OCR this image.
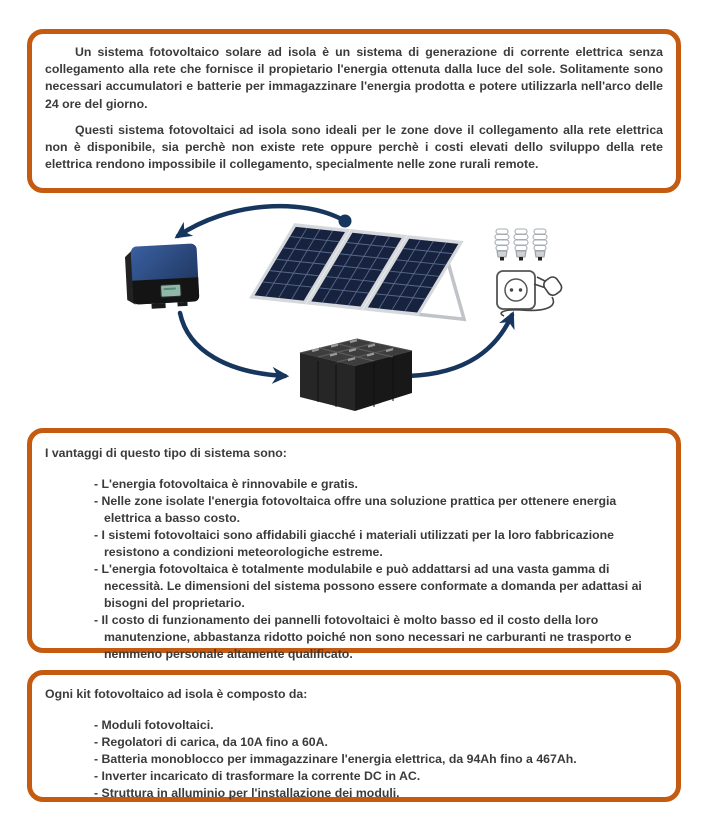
Un sistema fotovoltaico solare ad isola è un sistema di generazione di corrente elettrica senza collegamento alla rete che fornisce il propietario l'energia ottenuta dalla luce del sole. Solitamente sono necessari accumulatori e batterie per immagazzinare l'energia prodotta e potere utilizzarla nell'arco delle 24 ore del giorno.

Questi sistema fotovoltaici ad isola sono ideali per le zone dove il collegamento alla rete elettrica non è disponibile, sia perchè non existe rete oppure perchè i costi elevati dello sviluppo della rete elettrica rendono impossibile il collegamento, specialmente nelle zone rurali remote.

I vantaggi di questo tipo di sistema sono:

- L'energia fotovoltaica è rinnovabile e gratis.
- Nelle zone isolate l'energia fotovoltaica offre una soluzione prattica per ottenere energia elettrica a basso costo.
- I sistemi fotovoltaici sono affidabili giacché i materiali utilizzati per la loro fabbricazione resistono a condizioni meteorologiche estreme.
- L'energia fotovoltaica è totalmente modulabile e può addattarsi ad una vasta gamma di necessità. Le dimensioni del sistema possono essere conformate a domanda per adattasi ai bisogni del proprietario.
- Il costo di funzionamento dei pannelli fotovoltaici è molto basso ed il costo della loro manutenzione, abbastanza ridotto poiché non sono necessari ne carburanti ne trasporto e nemmeno personale altamente qualificato.

Ogni kit fotovoltaico ad isola è composto da:

- Moduli fotovoltaici.
- Regolatori di carica, da 10A fino a 60A.
- Batteria monoblocco per immagazzinare l'energia elettrica, da 94Ah fino a 467Ah.
- Inverter incaricato di trasformare la corrente DC in AC.
- Struttura in alluminio per l'installazione dei moduli.
